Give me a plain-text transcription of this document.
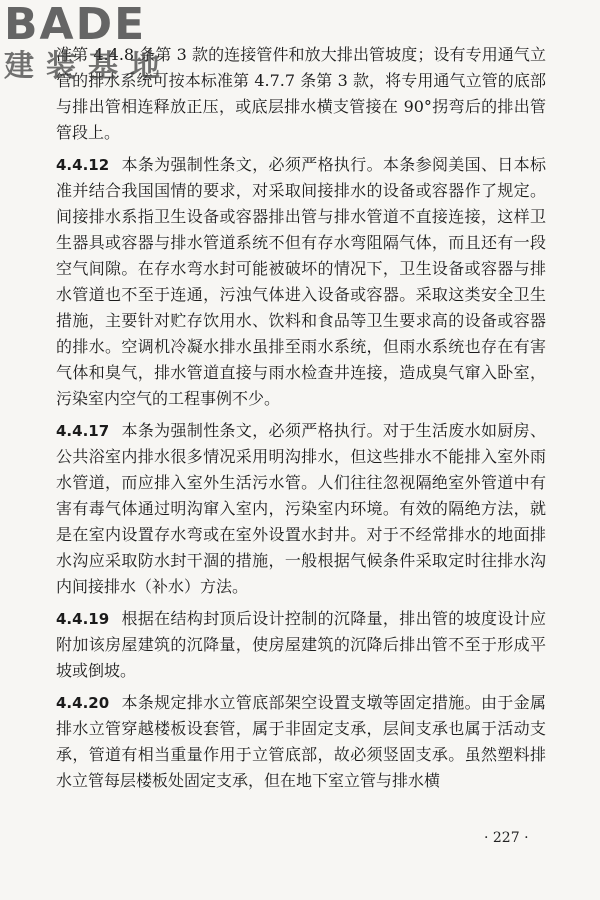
BADE
建装基地

准第 4.4.8 条第 3 款的连接管件和放大排出管坡度；设有专用通气立管的排水系统可按本标准第 4.7.7 条第 3 款，将专用通气立管的底部与排出管相连释放正压，或底层排水横支管接在 90°拐弯后的排出管管段上。

4.4.12 本条为强制性条文，必须严格执行。本条参阅美国、日本标准并结合我国国情的要求，对采取间接排水的设备或容器作了规定。间接排水系指卫生设备或容器排出管与排水管道不直接连接，这样卫生器具或容器与排水管道系统不但有存水弯阻隔气体，而且还有一段空气间隙。在存水弯水封可能被破坏的情况下，卫生设备或容器与排水管道也不至于连通，污浊气体进入设备或容器。采取这类安全卫生措施，主要针对贮存饮用水、饮料和食品等卫生要求高的设备或容器的排水。空调机冷凝水排水虽排至雨水系统，但雨水系统也存在有害气体和臭气，排水管道直接与雨水检查井连接，造成臭气窜入卧室，污染室内空气的工程事例不少。

4.4.17 本条为强制性条文，必须严格执行。对于生活废水如厨房、公共浴室内排水很多情况采用明沟排水，但这些排水不能排入室外雨水管道，而应排入室外生活污水管。人们往往忽视隔绝室外管道中有害有毒气体通过明沟窜入室内，污染室内环境。有效的隔绝方法，就是在室内设置存水弯或在室外设置水封井。对于不经常排水的地面排水沟应采取防水封干涸的措施，一般根据气候条件采取定时往排水沟内间接排水（补水）方法。

4.4.19 根据在结构封顶后设计控制的沉降量，排出管的坡度设计应附加该房屋建筑的沉降量，使房屋建筑的沉降后排出管不至于形成平坡或倒坡。

4.4.20 本条规定排水立管底部架空设置支墩等固定措施。由于金属排水立管穿越楼板设套管，属于非固定支承，层间支承也属于活动支承，管道有相当重量作用于立管底部，故必须竖固支承。虽然塑料排水立管每层楼板处固定支承，但在地下室立管与排水横

· 227 ·
